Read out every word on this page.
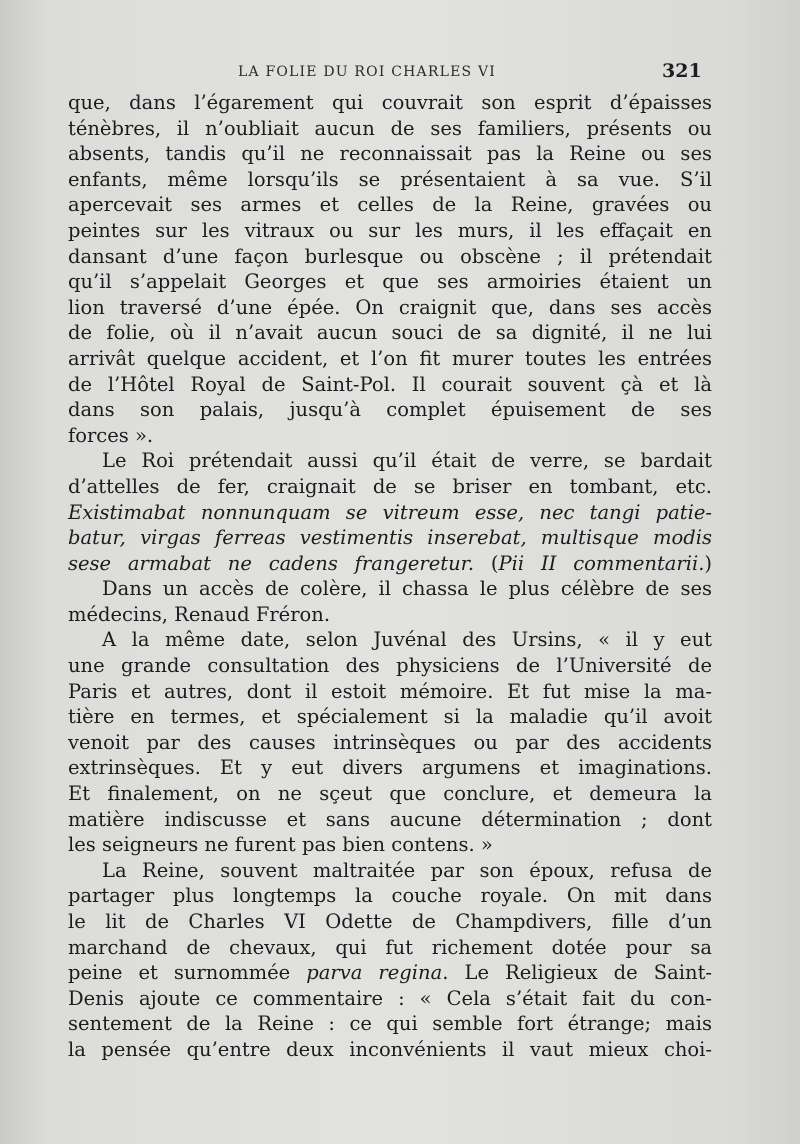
LA FOLIE DU ROI CHARLES VI	321
que, dans l’égarement qui couvrait son esprit d’épaisses
ténèbres, il n’oubliait aucun de ses familiers, présents ou
absents, tandis qu’il ne reconnaissait pas la Reine ou ses
enfants, même lorsqu’ils se présentaient à sa vue. S’il
apercevait ses armes et celles de la Reine, gravées ou
peintes sur les vitraux ou sur les murs, il les effaçait en
dansant d’une façon burlesque ou obscène ; il prétendait
qu’il s’appelait Georges et que ses armoiries étaient un
lion traversé d’une épée. On craignit que, dans ses accès
de folie, où il n’avait aucun souci de sa dignité, il ne lui
arrivât quelque accident, et l’on fit murer toutes les entrées
de l’Hôtel Royal de Saint-Pol. Il courait souvent çà et là
dans son palais, jusqu’à complet épuisement de ses
forces ».
Le Roi prétendait aussi qu’il était de verre, se bardait
d’attelles de fer, craignait de se briser en tombant, etc.
Existimabat nonnunquam se vitreum esse, nec tangi patie-
batur, virgas ferreas vestimentis inserebat, multisque modis
sese armabat ne cadens frangeretur. (Pii II commentarii.)
Dans un accès de colère, il chassa le plus célèbre de ses
médecins, Renaud Fréron.
A la même date, selon Juvénal des Ursins, « il y eut
une grande consultation des physiciens de l’Université de
Paris et autres, dont il estoit mémoire. Et fut mise la ma-
tière en termes, et spécialement si la maladie qu’il avoit
venoit par des causes intrinsèques ou par des accidents
extrinsèques. Et y eut divers argumens et imaginations.
Et finalement, on ne sçeut que conclure, et demeura la
matière indiscusse et sans aucune détermination ; dont
les seigneurs ne furent pas bien contens. »
La Reine, souvent maltraitée par son époux, refusa de
partager plus longtemps la couche royale. On mit dans
le lit de Charles VI Odette de Champdivers, fille d’un
marchand de chevaux, qui fut richement dotée pour sa
peine et surnommée parva regina. Le Religieux de Saint-
Denis ajoute ce commentaire : « Cela s’était fait du con-
sentement de la Reine : ce qui semble fort étrange; mais
la pensée qu’entre deux inconvénients il vaut mieux choi-
